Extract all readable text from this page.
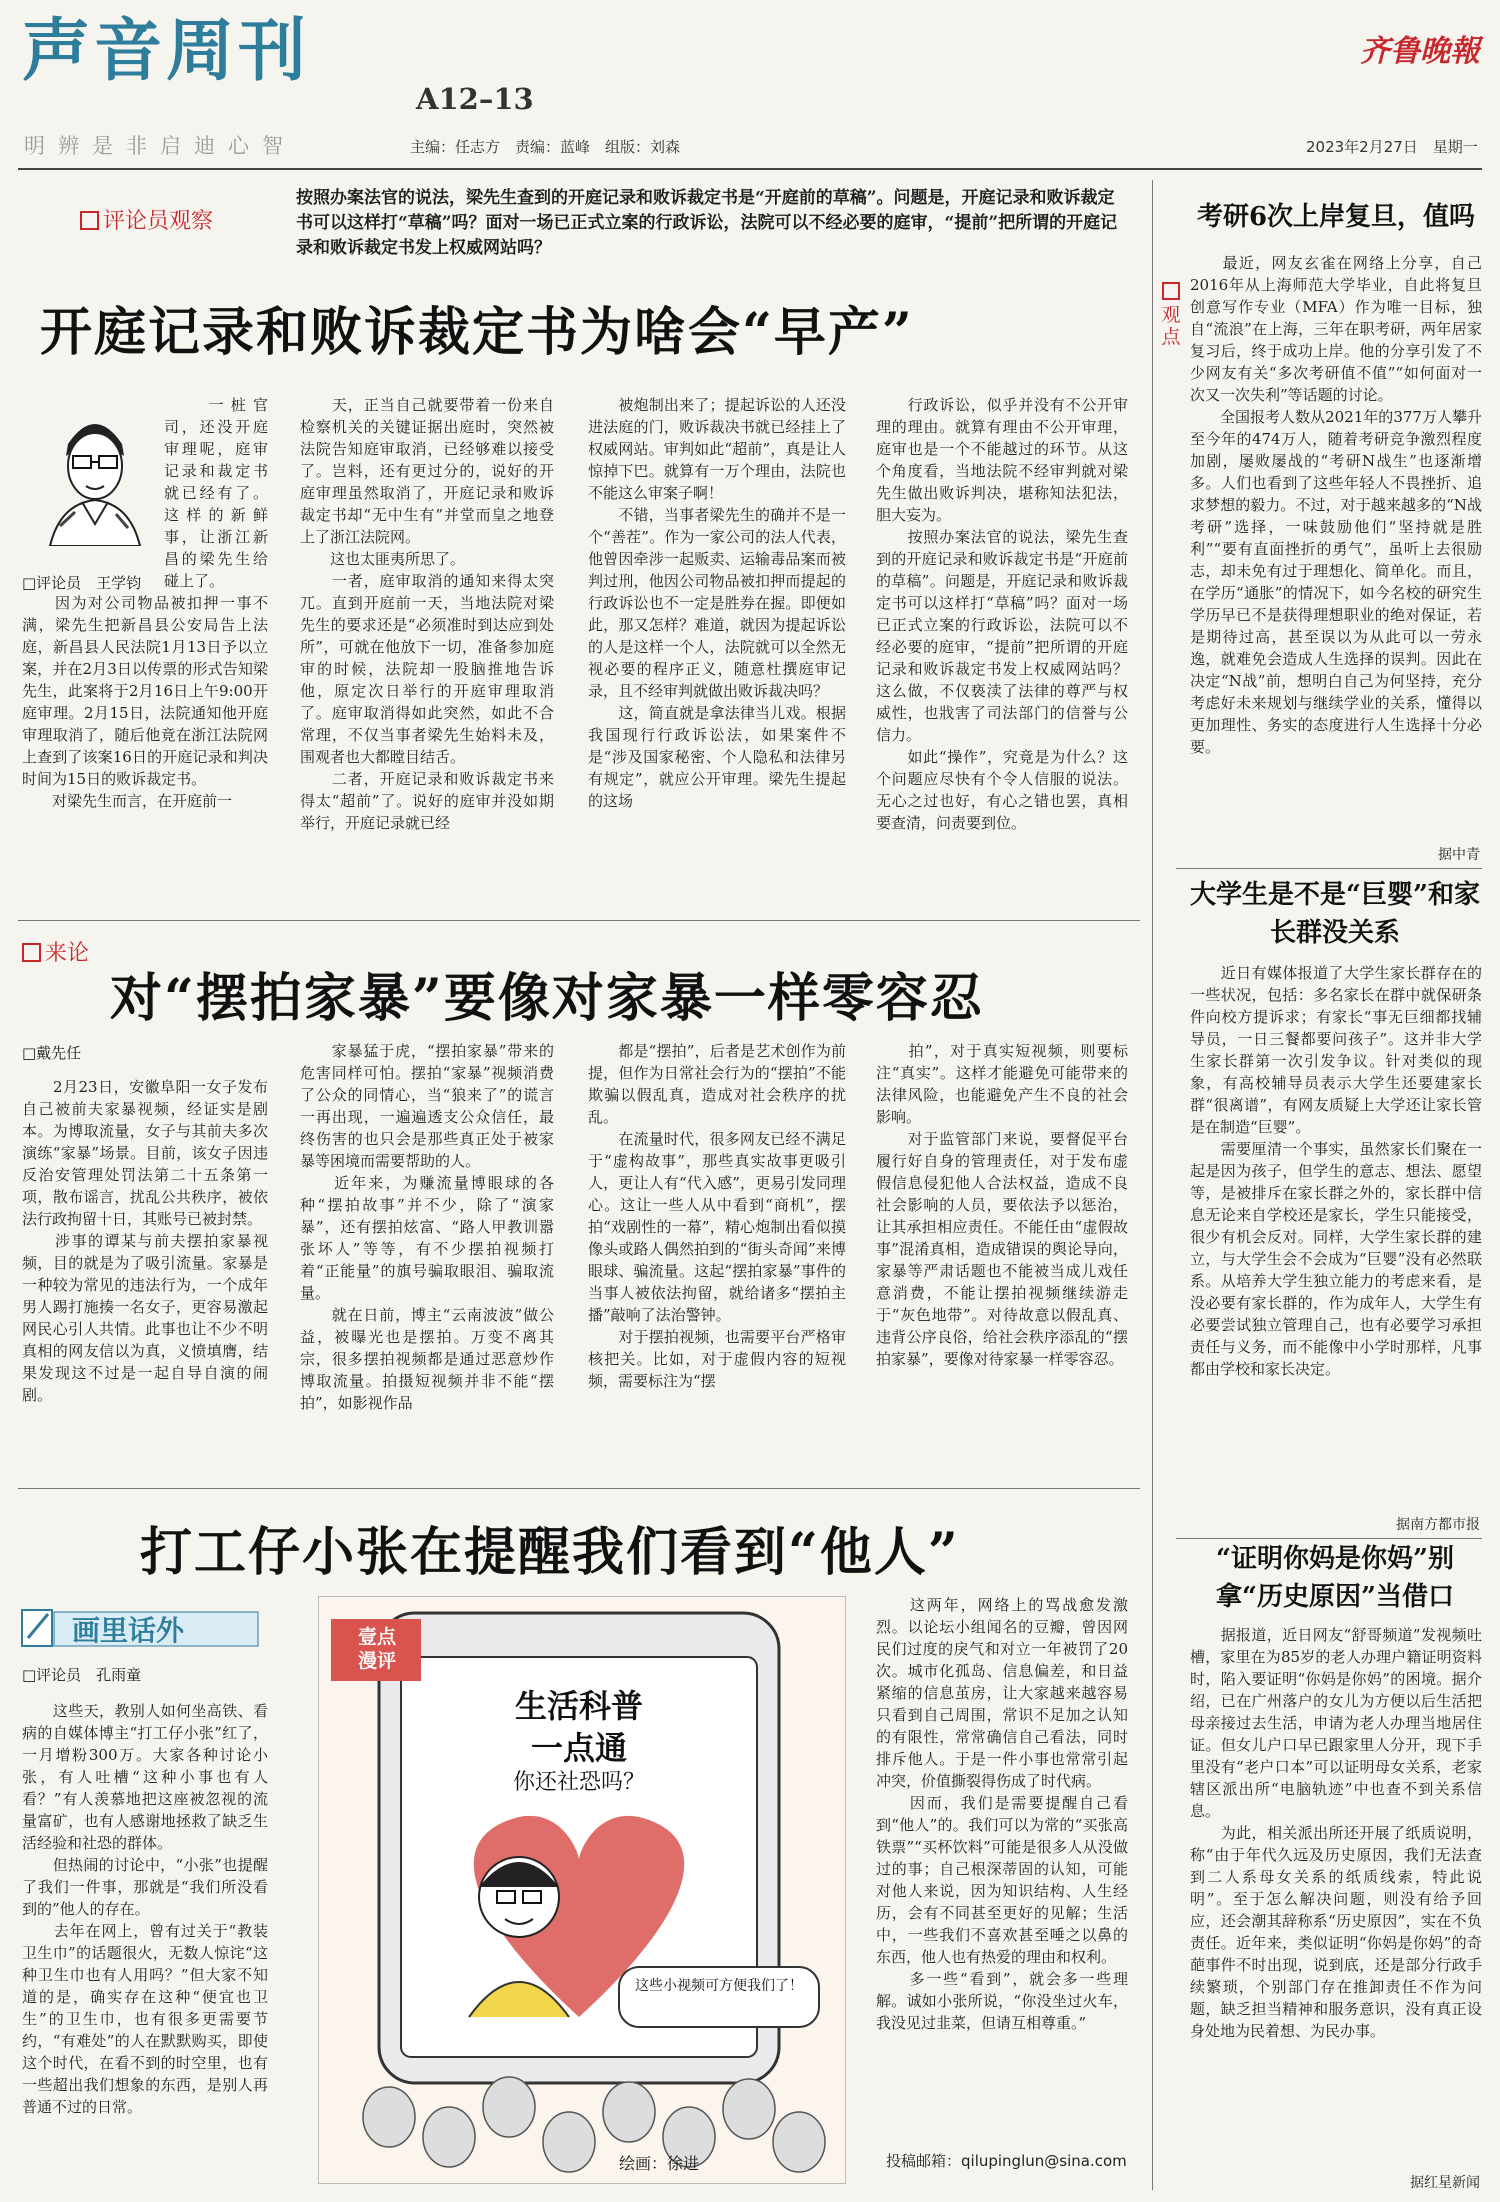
声音周刊
A12–13
明辨是非启迪心智	主编：任志方　责编：蓝峰　组版：刘森
齐鲁晚報
2023年2月27日　星期一
评论员观察
按照办案法官的说法，梁先生查到的开庭记录和败诉裁定书是“开庭前的草稿”。问题是，开庭记录和败诉裁定书可以这样打“草稿”吗？面对一场已正式立案的行政诉讼，法院可以不经必要的庭审，“提前”把所谓的开庭记录和败诉裁定书发上权威网站吗？
开庭记录和败诉裁定书为啥会“早产”
□评论员　王学钧
　　一桩官司，还没开庭审理呢，庭审记录和裁定书就已经有了。这样的新鲜事，让浙江新昌的梁先生给碰上了。
　　因为对公司物品被扣押一事不满，梁先生把新昌县公安局告上法庭，新昌县人民法院1月13日予以立案，并在2月3日以传票的形式告知梁先生，此案将于2月16日上午9:00开庭审理。2月15日，法院通知他开庭审理取消了，随后他竟在浙江法院网上查到了该案16日的开庭记录和判决时间为15日的败诉裁定书。
　　对梁先生而言，在开庭前一
　　天，正当自己就要带着一份来自检察机关的关键证据出庭时，突然被法院告知庭审取消，已经够难以接受了。岂料，还有更过分的，说好的开庭审理虽然取消了，开庭记录和败诉裁定书却“无中生有”并堂而皇之地登上了浙江法院网。
　　这也太匪夷所思了。
　　一者，庭审取消的通知来得太突兀。直到开庭前一天，当地法院对梁先生的要求还是“必须准时到达应到处所”，可就在他放下一切，准备参加庭审的时候，法院却一股脑推地告诉他，原定次日举行的开庭审理取消了。庭审取消得如此突然，如此不合常理，不仅当事者梁先生始料未及，围观者也大都瞠目结舌。
　　二者，开庭记录和败诉裁定书来得太“超前”了。说好的庭审并没如期举行，开庭记录就已经
　　被炮制出来了；提起诉讼的人还没进法庭的门，败诉裁决书就已经挂上了权威网站。审判如此“超前”，真是让人惊掉下巴。就算有一万个理由，法院也不能这么审案子啊！
　　不错，当事者梁先生的确并不是一个“善茬”。作为一家公司的法人代表，他曾因牵涉一起贩卖、运输毒品案而被判过刑，他因公司物品被扣押而提起的行政诉讼也不一定是胜券在握。即便如此，那又怎样？难道，就因为提起诉讼的人是这样一个人，法院就可以全然无视必要的程序正义，随意杜撰庭审记录，且不经审判就做出败诉裁决吗？
　　这，简直就是拿法律当儿戏。根据我国现行行政诉讼法，如果案件不是“涉及国家秘密、个人隐私和法律另有规定”，就应公开审理。梁先生提起的这场
　　行政诉讼，似乎并没有不公开审理的理由。就算有理由不公开审理，庭审也是一个不能越过的环节。从这个角度看，当地法院不经审判就对梁先生做出败诉判决，堪称知法犯法，胆大妄为。
　　按照办案法官的说法，梁先生查到的开庭记录和败诉裁定书是“开庭前的草稿”。问题是，开庭记录和败诉裁定书可以这样打“草稿”吗？面对一场已正式立案的行政诉讼，法院可以不经必要的庭审，“提前”把所谓的开庭记录和败诉裁定书发上权威网站吗？这么做，不仅亵渎了法律的尊严与权威性，也戕害了司法部门的信誉与公信力。
　　如此“操作”，究竟是为什么？这个问题应尽快有个令人信服的说法。无心之过也好，有心之错也罢，真相要查清，问责要到位。
来论
对“摆拍家暴”要像对家暴一样零容忍
□戴先任
　　2月23日，安徽阜阳一女子发布自己被前夫家暴视频，经证实是剧本。为博取流量，女子与其前夫多次演练“家暴”场景。目前，该女子因违反治安管理处罚法第二十五条第一项，散布谣言，扰乱公共秩序，被依法行政拘留十日，其账号已被封禁。
　　涉事的谭某与前夫摆拍家暴视频，目的就是为了吸引流量。家暴是一种较为常见的违法行为，一个成年男人踢打施揍一名女子，更容易激起网民心引人共情。此事也让不少不明真相的网友信以为真，义愤填膺，结果发现这不过是一起自导自演的闹剧。
　　家暴猛于虎，“摆拍家暴”带来的危害同样可怕。摆拍“家暴”视频消费了公众的同情心，当“狼来了”的谎言一再出现，一遍遍透支公众信任，最终伤害的也只会是那些真正处于被家暴等困境而需要帮助的人。
　　近年来，为赚流量博眼球的各种“摆拍故事”并不少，除了“演家暴”，还有摆拍炫富、“路人甲教训嚣张坏人”等等，有不少摆拍视频打着“正能量”的旗号骗取眼泪、骗取流量。
　　就在日前，博主“云南波波”做公益，被曝光也是摆拍。万变不离其宗，很多摆拍视频都是通过恶意炒作博取流量。拍摄短视频并非不能“摆拍”，如影视作品
　　都是“摆拍”，后者是艺术创作为前提，但作为日常社会行为的“摆拍”不能欺骗以假乱真，造成对社会秩序的扰乱。
　　在流量时代，很多网友已经不满足于“虚构故事”，那些真实故事更吸引人，更让人有“代入感”，更易引发同理心。这让一些人从中看到“商机”，摆拍“戏剧性的一幕”，精心炮制出看似摸像头或路人偶然拍到的“街头奇闻”来博眼球、骗流量。这起“摆拍家暴”事件的当事人被依法拘留，就给诸多“摆拍主播”敲响了法治警钟。
　　对于摆拍视频，也需要平台严格审核把关。比如，对于虚假内容的短视频，需要标注为“摆
　　拍”，对于真实短视频，则要标注“真实”。这样才能避免可能带来的法律风险，也能避免产生不良的社会影响。
　　对于监管部门来说，要督促平台履行好自身的管理责任，对于发布虚假信息侵犯他人合法权益，造成不良社会影响的人员，要依法予以惩治，让其承担相应责任。不能任由“虚假故事”混淆真相，造成错误的舆论导向，家暴等严肃话题也不能被当成儿戏任意消费，不能让摆拍视频继续游走于“灰色地带”。对待故意以假乱真、违背公序良俗，给社会秩序添乱的“摆拍家暴”，要像对待家暴一样零容忍。
打工仔小张在提醒我们看到“他人”
画里话外
□评论员　孔雨童
　　这些天，教别人如何坐高铁、看病的自媒体博主“打工仔小张”红了，一月增粉300万。大家各种讨论小张，有人吐槽“这种小事也有人看？”有人羡慕地把这座被忽视的流量富矿，也有人感谢地拯救了缺乏生活经验和社恐的群体。
　　但热闹的讨论中，“小张”也提醒了我们一件事，那就是“我们所没看到的”他人的存在。
　　去年在网上，曾有过关于“教装卫生巾”的话题很火，无数人惊诧“这种卫生巾也有人用吗？”但大家不知道的是，确实存在这种“便宜也卫生”的卫生巾，也有很多更需要节约，“有难处”的人在默默购买，即使这个时代，在看不到的时空里，也有一些超出我们想象的东西，是别人再普通不过的日常。
壹点
漫评
生活科普
一点通
你还社恐吗？
这些小视频可方便我们了！
绘画：徐进
　　这两年，网络上的骂战愈发激烈。以论坛小组闻名的豆瓣，曾因网民们过度的戾气和对立一年被罚了20次。城市化孤岛、信息偏差，和日益紧缩的信息茧房，让大家越来越容易只看到自己周围，常识不足加之认知的有限性，常常确信自己看法，同时排斥他人。于是一件小事也常常引起冲突，价值撕裂得伤成了时代病。
　　因而，我们是需要提醒自己看到“他人”的。我们可以为常的“买张高铁票”“买杯饮料”可能是很多人从没做过的事；自己根深蒂固的认知，可能对他人来说，因为知识结构、人生经历，会有不同甚至更好的见解；生活中，一些我们不喜欢甚至唾之以鼻的东西，他人也有热爱的理由和权利。
　　多一些“看到”，就会多一些理解。诚如小张所说，“你没坐过火车，我没见过韭菜，但请互相尊重。”
投稿邮箱：qilupinglun@sina.com
观点
考研6次上岸复旦，值吗
　　最近，网友玄雀在网络上分享，自己2016年从上海师范大学毕业，自此将复旦创意写作专业（MFA）作为唯一目标，独自“流浪”在上海，三年在职考研，两年居家复习后，终于成功上岸。他的分享引发了不少网友有关“多次考研值不值”“如何面对一次又一次失利”等话题的讨论。
　　全国报考人数从2021年的377万人攀升至今年的474万人，随着考研竞争激烈程度加剧，屡败屡战的“考研N战生”也逐渐增多。人们也看到了这些年轻人不畏挫折、追求梦想的毅力。不过，对于越来越多的“N战考研”选择，一味鼓励他们“坚持就是胜利”“要有直面挫折的勇气”，虽听上去很励志，却未免有过于理想化、简单化。而且，在学历“通胀”的情况下，如今名校的研究生学历早已不是获得理想职业的绝对保证，若是期待过高，甚至误以为从此可以一劳永逸，就难免会造成人生选择的误判。因此在决定“N战”前，想明白自己为何坚持，充分考虑好未来规划与继续学业的关系，懂得以更加理性、务实的态度进行人生选择十分必要。
据中青
大学生是不是“巨婴”和家长群没关系
　　近日有媒体报道了大学生家长群存在的一些状况，包括：多名家长在群中就保研条件向校方提诉求；有家长“事无巨细都找辅导员，一日三餐都要问孩子”。这并非大学生家长群第一次引发争议。针对类似的现象，有高校辅导员表示大学生还要建家长群“很离谱”，有网友质疑上大学还让家长管是在制造“巨婴”。
　　需要厘清一个事实，虽然家长们聚在一起是因为孩子，但学生的意志、想法、愿望等，是被排斥在家长群之外的，家长群中信息无论来自学校还是家长，学生只能接受，很少有机会反对。同样，大学生家长群的建立，与大学生会不会成为“巨婴”没有必然联系。从培养大学生独立能力的考虑来看，是没必要有家长群的，作为成年人，大学生有必要尝试独立管理自己，也有必要学习承担责任与义务，而不能像中小学时那样，凡事都由学校和家长决定。
据南方都市报
“证明你妈是你妈”别拿“历史原因”当借口
　　据报道，近日网友“舒哥频道”发视频吐槽，家里在为85岁的老人办理户籍证明资料时，陷入要证明“你妈是你妈”的困境。据介绍，已在广州落户的女儿为方便以后生活把母亲接过去生活，申请为老人办理当地居住证。但女儿户口早已跟家里人分开，现下手里没有“老户口本”可以证明母女关系，老家辖区派出所“电脑轨迹”中也查不到关系信息。
　　为此，相关派出所还开展了纸质说明，称“由于年代久远及历史原因，我们无法查到二人系母女关系的纸质线索，特此说明”。至于怎么解决问题，则没有给予回应，还会潮其辞称系“历史原因”，实在不负责任。近年来，类似证明“你妈是你妈”的奇葩事件不时出现，说到底，还是部分行政手续繁琐，个别部门存在推卸责任不作为问题，缺乏担当精神和服务意识，没有真正设身处地为民着想、为民办事。
据红星新闻
